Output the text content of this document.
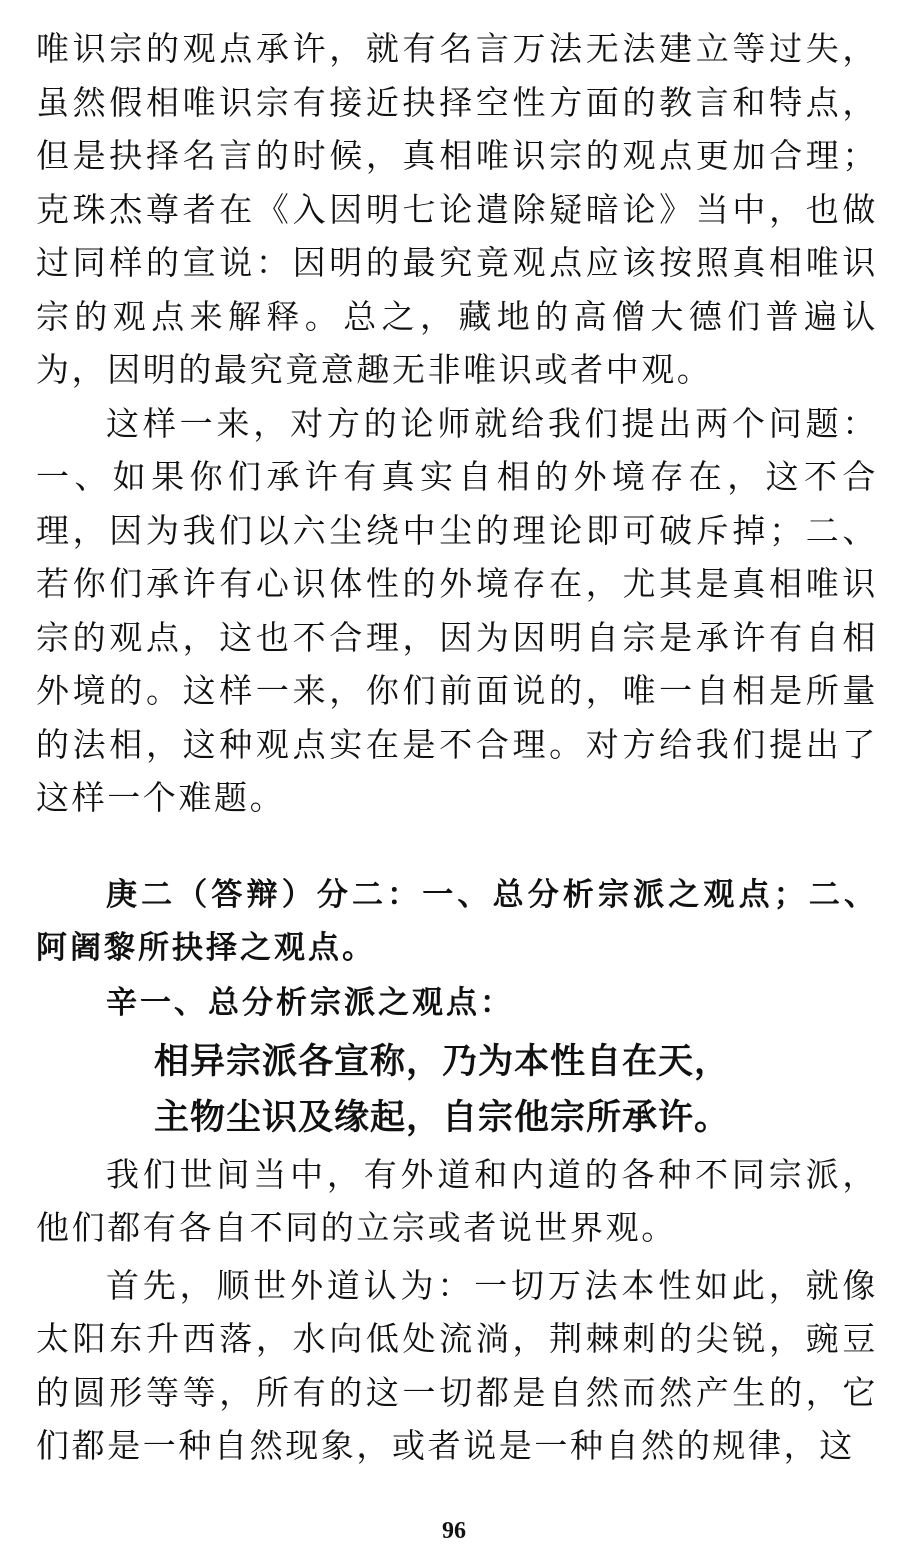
唯识宗的观点承许，就有名言万法无法建立等过失，虽然假相唯识宗有接近抉择空性方面的教言和特点，但是抉择名言的时候，真相唯识宗的观点更加合理；克珠杰尊者在《入因明七论遣除疑暗论》当中，也做过同样的宣说：因明的最究竟观点应该按照真相唯识宗的观点来解释。总之，藏地的高僧大德们普遍认为，因明的最究竟意趣无非唯识或者中观。

这样一来，对方的论师就给我们提出两个问题：一、如果你们承许有真实自相的外境存在，这不合理，因为我们以六尘绕中尘的理论即可破斥掉；二、若你们承许有心识体性的外境存在，尤其是真相唯识宗的观点，这也不合理，因为因明自宗是承许有自相外境的。这样一来，你们前面说的，唯一自相是所量的法相，这种观点实在是不合理。对方给我们提出了这样一个难题。

庚二（答辩）分二：一、总分析宗派之观点；二、阿阇黎所抉择之观点。

辛一、总分析宗派之观点：

相异宗派各宣称，乃为本性自在天，

主物尘识及缘起，自宗他宗所承许。

我们世间当中，有外道和内道的各种不同宗派，他们都有各自不同的立宗或者说世界观。

首先，顺世外道认为：一切万法本性如此，就像太阳东升西落，水向低处流淌，荆棘刺的尖锐，豌豆的圆形等等，所有的这一切都是自然而然产生的，它们都是一种自然现象，或者说是一种自然的规律，这

96
